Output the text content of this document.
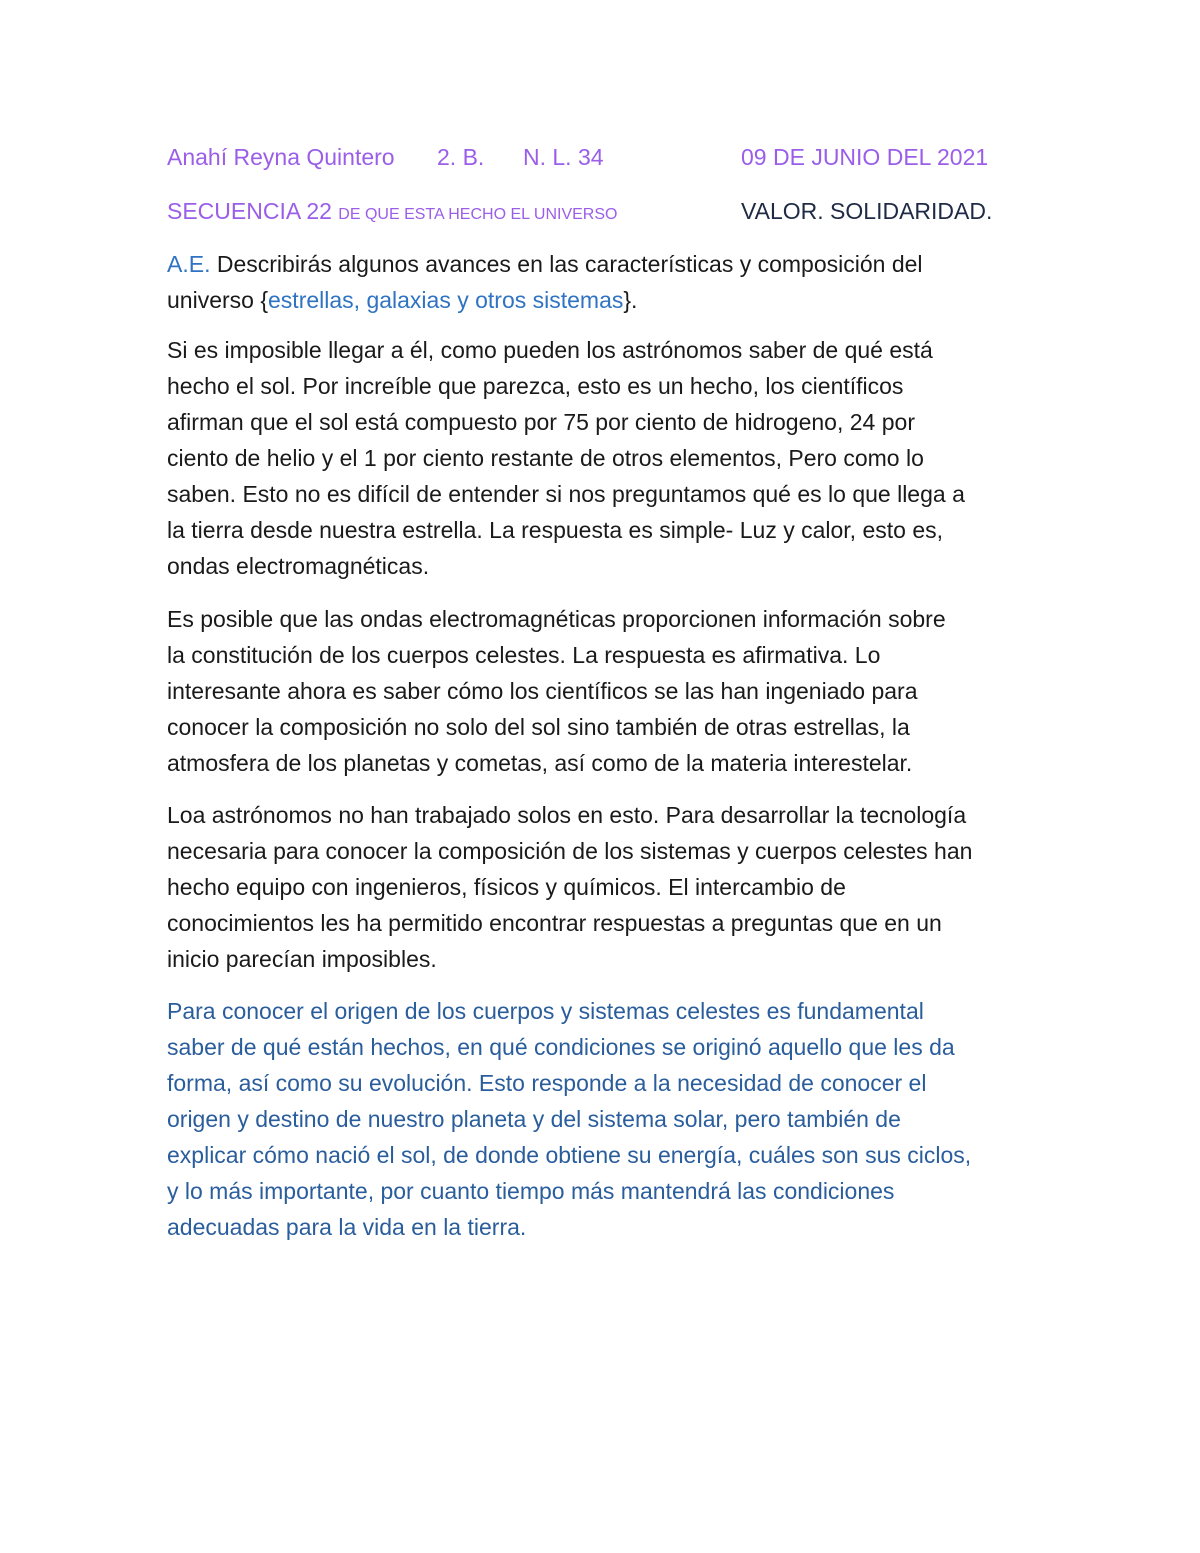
Anahí Reyna Quintero 2. B. N. L. 34	09 DE JUNIO DEL 2021
SECUENCIA 22 DE QUE ESTA HECHO EL UNIVERSO	VALOR. SOLIDARIDAD.
A.E. Describirás algunos avances en las características y composición del
universo {estrellas, galaxias y otros sistemas}.
Si es imposible llegar a él, como pueden los astrónomos saber de qué está
hecho el sol. Por increíble que parezca, esto es un hecho, los científicos
afirman que el sol está compuesto por 75 por ciento de hidrogeno, 24 por
ciento de helio y el 1 por ciento restante de otros elementos, Pero como lo
saben. Esto no es difícil de entender si nos preguntamos qué es lo que llega a
la tierra desde nuestra estrella. La respuesta es simple- Luz y calor, esto es,
ondas electromagnéticas.
Es posible que las ondas electromagnéticas proporcionen información sobre
la constitución de los cuerpos celestes. La respuesta es afirmativa. Lo
interesante ahora es saber cómo los científicos se las han ingeniado para
conocer la composición no solo del sol sino también de otras estrellas, la
atmosfera de los planetas y cometas, así como de la materia interestelar.
Loa astrónomos no han trabajado solos en esto. Para desarrollar la tecnología
necesaria para conocer la composición de los sistemas y cuerpos celestes han
hecho equipo con ingenieros, físicos y químicos. El intercambio de
conocimientos les ha permitido encontrar respuestas a preguntas que en un
inicio parecían imposibles.
Para conocer el origen de los cuerpos y sistemas celestes es fundamental
saber de qué están hechos, en qué condiciones se originó aquello que les da
forma, así como su evolución. Esto responde a la necesidad de conocer el
origen y destino de nuestro planeta y del sistema solar, pero también de
explicar cómo nació el sol, de donde obtiene su energía, cuáles son sus ciclos,
y lo más importante, por cuanto tiempo más mantendrá las condiciones
adecuadas para la vida en la tierra.
